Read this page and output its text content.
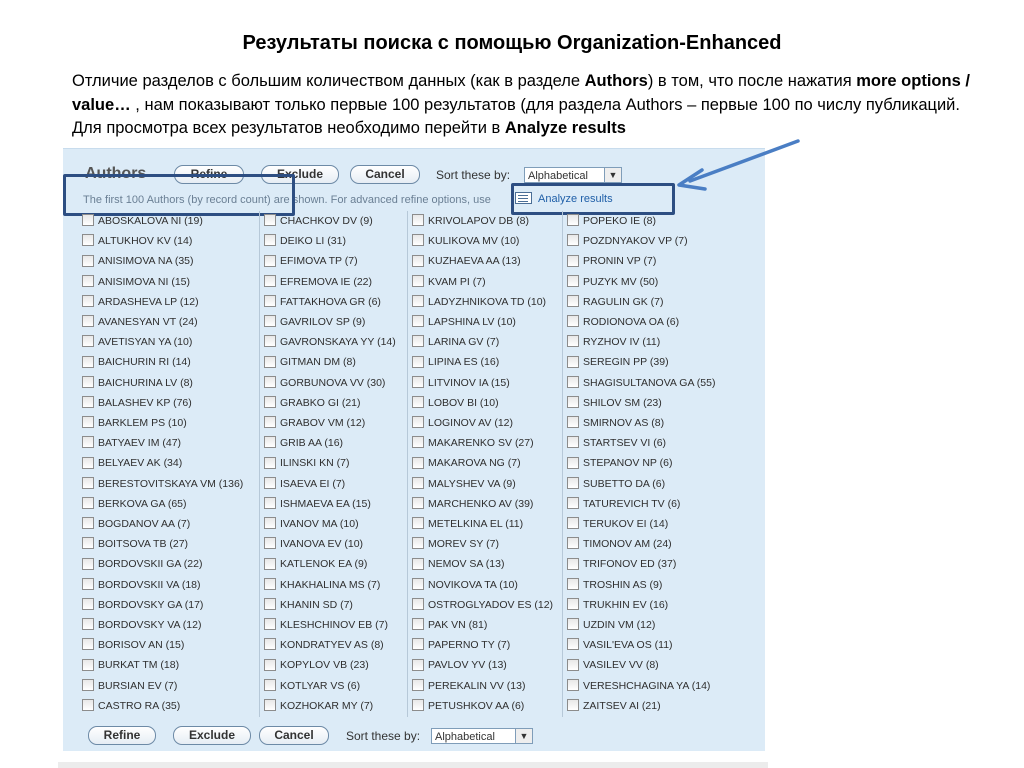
Результаты поиска с помощью Organization-Enhanced
Отличие разделов с большим количеством данных (как в разделе Authors) в том, что после нажатия more options / value… , нам показывают только первые 100 результатов (для раздела Authors – первые 100 по числу публикаций. Для просмотра всех результатов необходимо перейти в Analyze results
Authors	Refine	Exclude	Cancel	Sort these by:	Alphabetical	▼
The first 100 Authors (by record count) are shown. For advanced refine options, use	Analyze results
ABOSKALOVA NI (19)
ALTUKHOV KV (14)
ANISIMOVA NA (35)
ANISIMOVA NI (15)
ARDASHEVA LP (12)
AVANESYAN VT (24)
AVETISYAN YA (10)
BAICHURIN RI (14)
BAICHURINA LV (8)
BALASHEV KP (76)
BARKLEM PS (10)
BATYAEV IM (47)
BELYAEV AK (34)
BERESTOVITSKAYA VM (136)
BERKOVA GA (65)
BOGDANOV AA (7)
BOITSOVA TB (27)
BORDOVSKII GA (22)
BORDOVSKII VA (18)
BORDOVSKY GA (17)
BORDOVSKY VA (12)
BORISOV AN (15)
BURKAT TM (18)
BURSIAN EV (7)
CASTRO RA (35)
CHACHKOV DV (9)
DEIKO LI (31)
EFIMOVA TP (7)
EFREMOVA IE (22)
FATTAKHOVA GR (6)
GAVRILOV SP (9)
GAVRONSKAYA YY (14)
GITMAN DM (8)
GORBUNOVA VV (30)
GRABKO GI (21)
GRABOV VM (12)
GRIB AA (16)
ILINSKI KN (7)
ISAEVA EI (7)
ISHMAEVA EA (15)
IVANOV MA (10)
IVANOVA EV (10)
KATLENOK EA (9)
KHAKHALINA MS (7)
KHANIN SD (7)
KLESHCHINOV EB (7)
KONDRATYEV AS (8)
KOPYLOV VB (23)
KOTLYAR VS (6)
KOZHOKAR MY (7)
KRIVOLAPOV DB (8)
KULIKOVA MV (10)
KUZHAEVA AA (13)
KVAM PI (7)
LADYZHNIKOVA TD (10)
LAPSHINA LV (10)
LARINA GV (7)
LIPINA ES (16)
LITVINOV IA (15)
LOBOV BI (10)
LOGINOV AV (12)
MAKARENKO SV (27)
MAKAROVA NG (7)
MALYSHEV VA (9)
MARCHENKO AV (39)
METELKINA EL (11)
MOREV SY (7)
NEMOV SA (13)
NOVIKOVA TA (10)
OSTROGLYADOV ES (12)
PAK VN (81)
PAPERNO TY (7)
PAVLOV YV (13)
PEREKALIN VV (13)
PETUSHKOV AA (6)
POPEKO IE (8)
POZDNYAKOV VP (7)
PRONIN VP (7)
PUZYK MV (50)
RAGULIN GK (7)
RODIONOVA OA (6)
RYZHOV IV (11)
SEREGIN PP (39)
SHAGISULTANOVA GA (55)
SHILOV SM (23)
SMIRNOV AS (8)
STARTSEV VI (6)
STEPANOV NP (6)
SUBETTO DA (6)
TATUREVICH TV (6)
TERUKOV EI (14)
TIMONOV AM (24)
TRIFONOV ED (37)
TROSHIN AS (9)
TRUKHIN EV (16)
UZDIN VM (12)
VASIL'EVA OS (11)
VASILEV VV (8)
VERESHCHAGINA YA (14)
ZAITSEV AI (21)
Refine	Exclude	Cancel	Sort these by:	Alphabetical	▼
